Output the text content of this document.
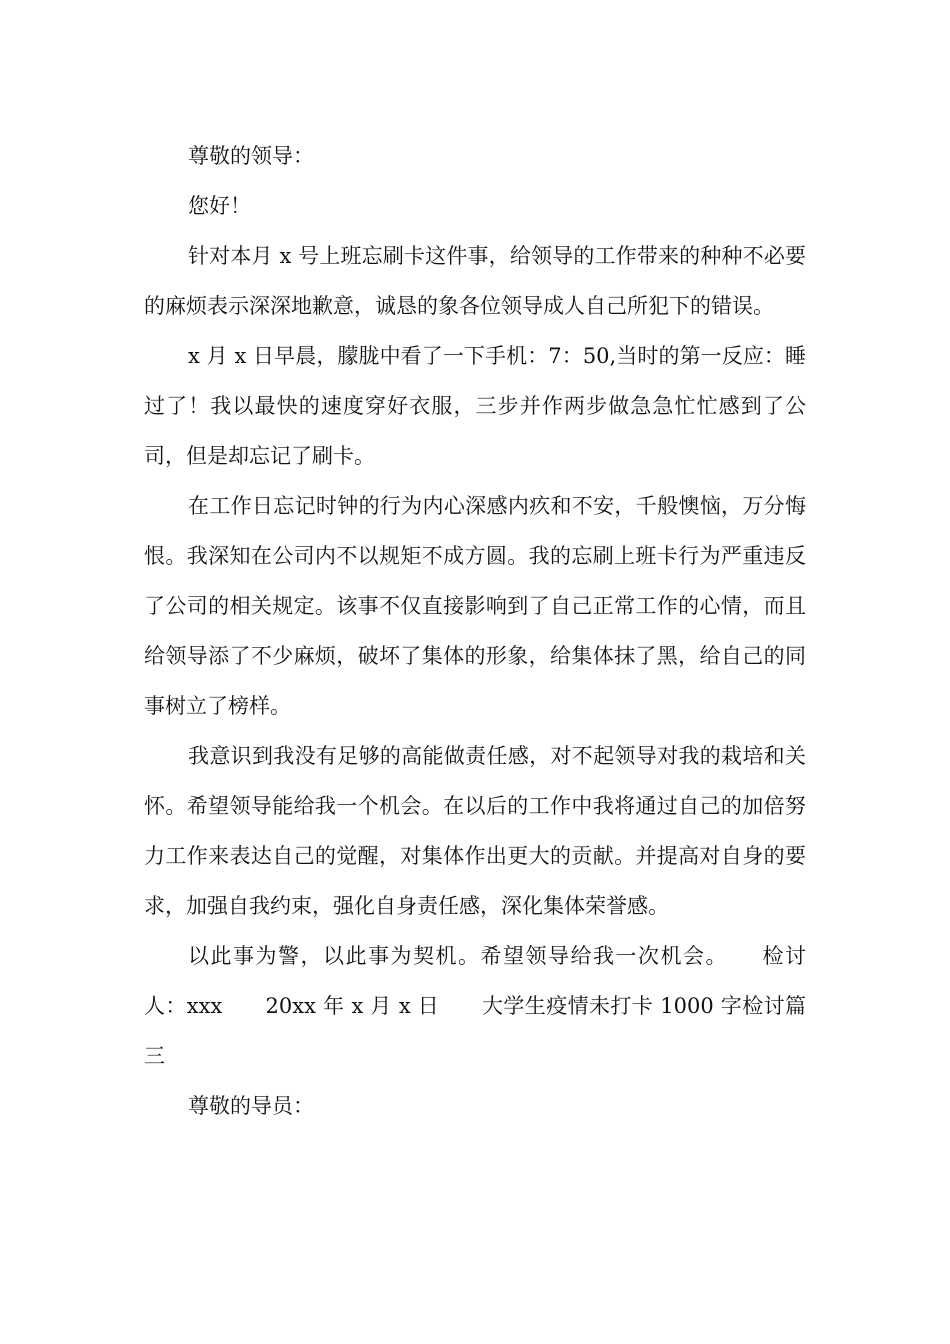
尊敬的领导：

您好！

针对本月 x 号上班忘刷卡这件事，给领导的工作带来的种种不必要的麻烦表示深深地歉意，诚恳的象各位领导成人自己所犯下的错误。

x 月 x 日早晨，朦胧中看了一下手机：7：50,当时的第一反应：睡过了！我以最快的速度穿好衣服，三步并作两步做急急忙忙感到了公司，但是却忘记了刷卡。

在工作日忘记时钟的行为内心深感内疚和不安，千般懊恼，万分悔恨。我深知在公司内不以规矩不成方圆。我的忘刷上班卡行为严重违反了公司的相关规定。该事不仅直接影响到了自己正常工作的心情，而且给领导添了不少麻烦，破坏了集体的形象，给集体抹了黑，给自己的同事树立了榜样。

我意识到我没有足够的高能做责任感，对不起领导对我的栽培和关怀。希望领导能给我一个机会。在以后的工作中我将通过自己的加倍努力工作来表达自己的觉醒，对集体作出更大的贡献。并提高对自身的要求，加强自我约束，强化自身责任感，深化集体荣誉感。

以此事为警，以此事为契机。希望领导给我一次机会。　　检讨人：xxx　　20xx 年 x 月 x 日　　大学生疫情未打卡 1000 字检讨篇三

尊敬的导员：
